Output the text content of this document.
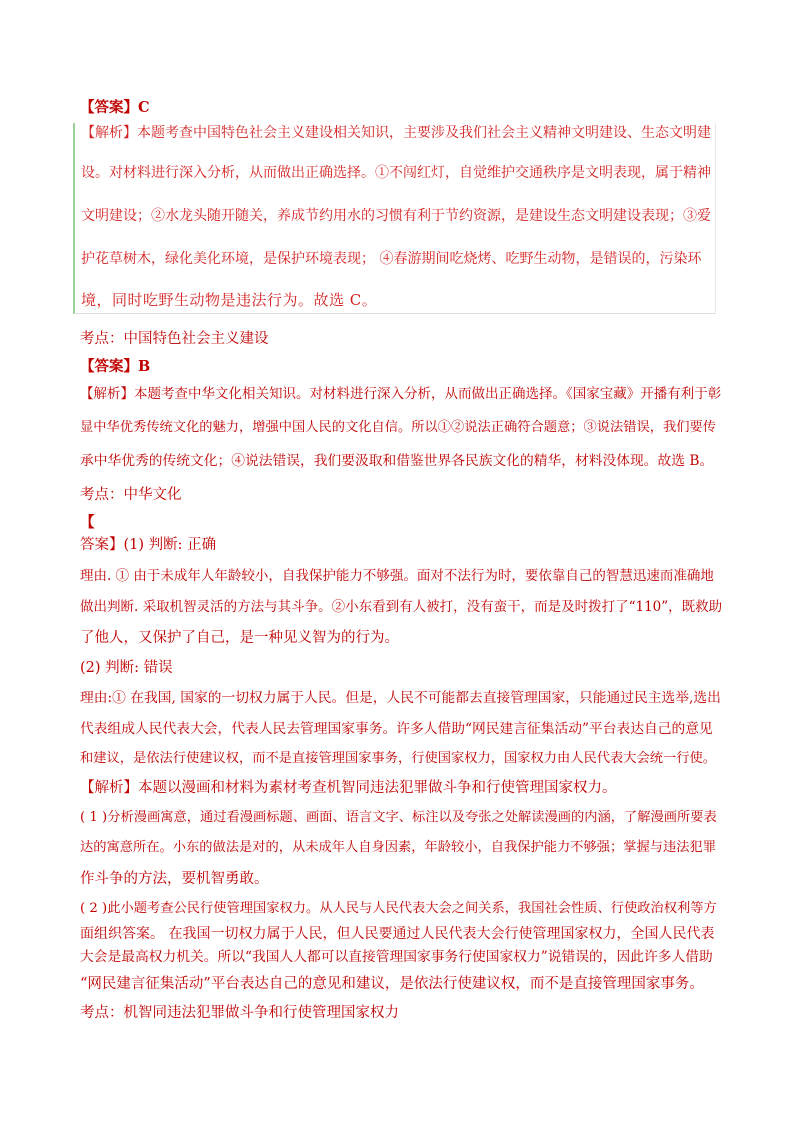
【答案】C
【解析】本题考查中国特色社会主义建设相关知识，主要涉及我们社会主义精神文明建设、生态文明建
设。对材料进行深入分析，从而做出正确选择。①不闯红灯，自觉维护交通秩序是文明表现，属于精神
文明建设；②水龙头随开随关，养成节约用水的习惯有利于节约资源，是建设生态文明建设表现；③爱
护花草树木，绿化美化环境，是保护环境表现； ④春游期间吃烧烤、吃野生动物，是错误的，污染环
境，同时吃野生动物是违法行为。故选 C。
考点：中国特色社会主义建设
【答案】B
【解析】本题考查中华文化相关知识。对材料进行深入分析，从而做出正确选择。《国家宝藏》开播有利于彰
显中华优秀传统文化的魅力，增强中国人民的文化自信。所以①②说法正确符合题意；③说法错误，我们要传
承中华优秀的传统文化；④说法错误，我们要汲取和借鉴世界各民族文化的精华，材料没体现。故选 B。
考点：中华文化
【
答案】(1) 判断: 正确
理由. ① 由于未成年人年龄较小，自我保护能力不够强。面对不法行为时，要依靠自己的智慧迅速而准确地
做出判断. 采取机智灵活的方法与其斗争。②小东看到有人被打，没有蛮干，而是及时拨打了“110”，既救助
了他人，又保护了自己，是一种见义智为的行为。
(2) 判断: 错误
理由:① 在我国, 国家的一切权力属于人民。但是，人民不可能都去直接管理国家，只能通过民主选举,选出
代表组成人民代表大会，代表人民去管理国家事务。许多人借助“网民建言征集活动”平台表达自己的意见
和建议，是依法行使建议权，而不是直接管理国家事务，行使国家权力，国家权力由人民代表大会统一行使。
【解析】本题以漫画和材料为素材考查机智同违法犯罪做斗争和行使管理国家权力。
( 1 )分析漫画寓意，通过看漫画标题、画面、语言文字、标注以及夸张之处解读漫画的内涵，了解漫画所要表
达的寓意所在。小东的做法是对的，从未成年人自身因素，年龄较小，自我保护能力不够强；掌握与违法犯罪
作斗争的方法，要机智勇敢。
( 2 )此小题考查公民行使管理国家权力。从人民与人民代表大会之间关系，我国社会性质、行使政治权利等方
面组织答案。 在我国一切权力属于人民，但人民要通过人民代表大会行使管理国家权力，全国人民代表
大会是最高权力机关。所以“我国人人都可以直接管理国家事务行使国家权力”说错误的，因此许多人借助
“网民建言征集活动”平台表达自己的意见和建议，是依法行使建议权，而不是直接管理国家事务。
考点：机智同违法犯罪做斗争和行使管理国家权力
